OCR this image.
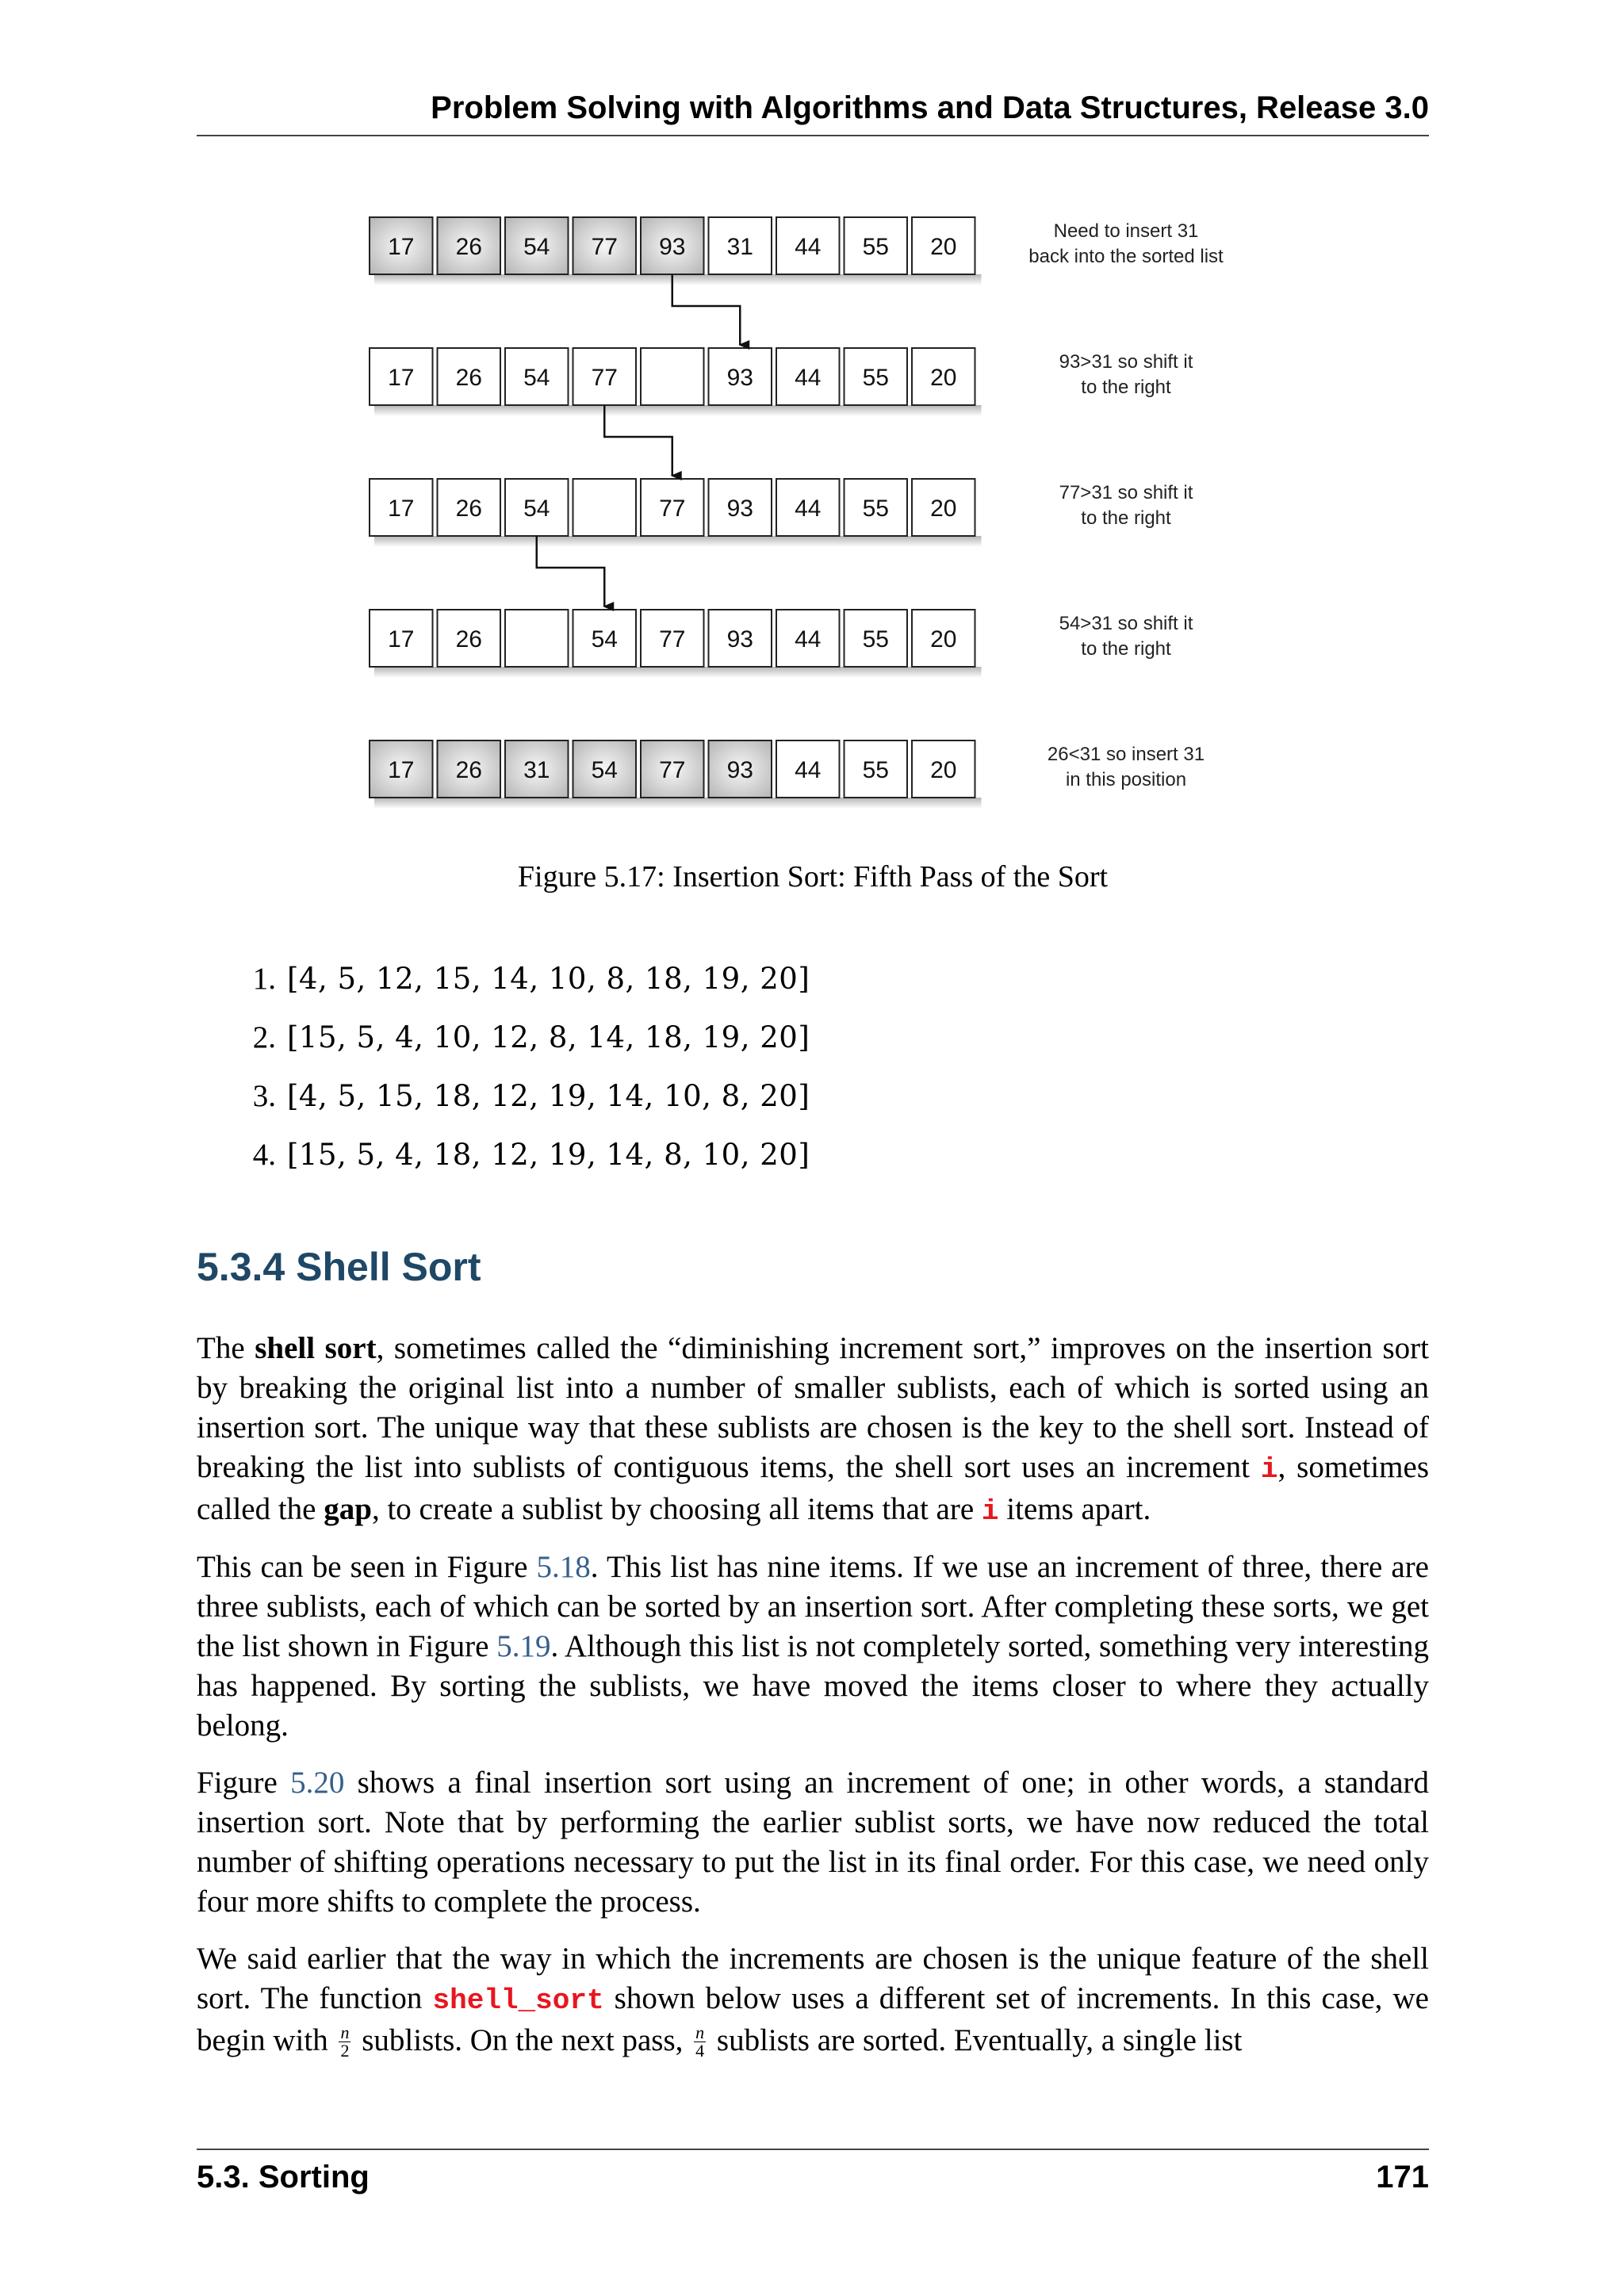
Problem Solving with Algorithms and Data Structures, Release 3.0
17 26 54 77 93 31 44 55 20
Need to insert 31
back into the sorted list
17 26 54 77	93 44 55 20
93>31 so shift it
to the right
17 26 54	77 93 44 55 20
77>31 so shift it
to the right
17 26	54 77 93 44 55 20
54>31 so shift it
to the right
17 26 31 54 77 93 44 55 20
26<31 so insert 31
in this position
Figure 5.17: Insertion Sort: Fifth Pass of the Sort
1. [4, 5, 12, 15, 14, 10, 8, 18, 19, 20]
2. [15, 5, 4, 10, 12, 8, 14, 18, 19, 20]
3. [4, 5, 15, 18, 12, 19, 14, 10, 8, 20]
4. [15, 5, 4, 18, 12, 19, 14, 8, 10, 20]
5.3.4 Shell Sort

The shell sort, sometimes called the “diminishing increment sort,” improves on the insertion sort by breaking the original list into a number of smaller sublists, each of which is sorted using an insertion sort. The unique way that these sublists are chosen is the key to the shell sort. Instead of breaking the list into sublists of contiguous items, the shell sort uses an increment i, sometimes called the gap, to create a sublist by choosing all items that are i items apart.

This can be seen in Figure 5.18. This list has nine items. If we use an increment of three, there are three sublists, each of which can be sorted by an insertion sort. After completing these sorts, we get the list shown in Figure 5.19. Although this list is not completely sorted, something very interesting has happened. By sorting the sublists, we have moved the items closer to where they actually belong.

Figure 5.20 shows a final insertion sort using an increment of one; in other words, a standard insertion sort. Note that by performing the earlier sublist sorts, we have now reduced the total number of shifting operations necessary to put the list in its final order. For this case, we need only four more shifts to complete the process.

We said earlier that the way in which the increments are chosen is the unique feature of the shell sort. The function shell_sort shown below uses a different set of increments. In this case, we begin with $\frac{n}{2}$ sublists. On the next pass, $\frac{n}{4}$ sublists are sorted. Eventually, a single list

5.3. Sorting	171
